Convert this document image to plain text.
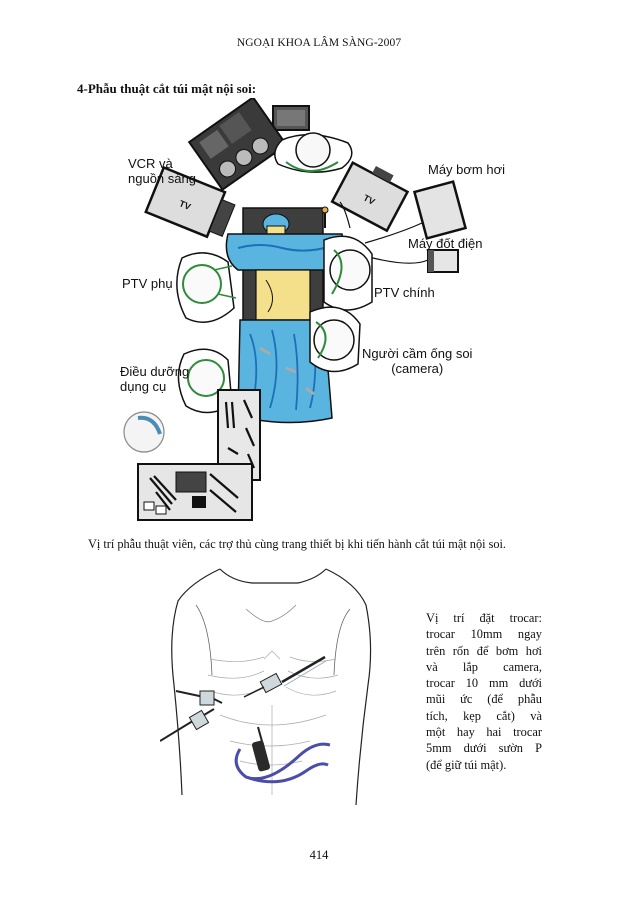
NGOẠI KHOA LÂM SÀNG-2007
4-Phẫu thuật cắt túi mật nội soi:
TV	TV
VCR và
nguồn sáng
Máy bơm hơi
Máy đốt điện
PTV phụ
PTV chính
Người cầm ống soi
(camera)
Điều dưỡng
dụng cụ
Vị trí phẫu thuật viên, các trợ thủ cùng trang thiết bị khi tiến hành cắt túi mật nội soi.
Vị trí đặt trocar:
trocar 10mm ngay
trên rốn để bơm hơi
và lắp camera,
trocar 10 mm dưới
mũi ức (để phẫu
tích, kẹp cắt) và
một hay hai trocar
5mm dưới sườn P
(để giữ túi mật).
414
